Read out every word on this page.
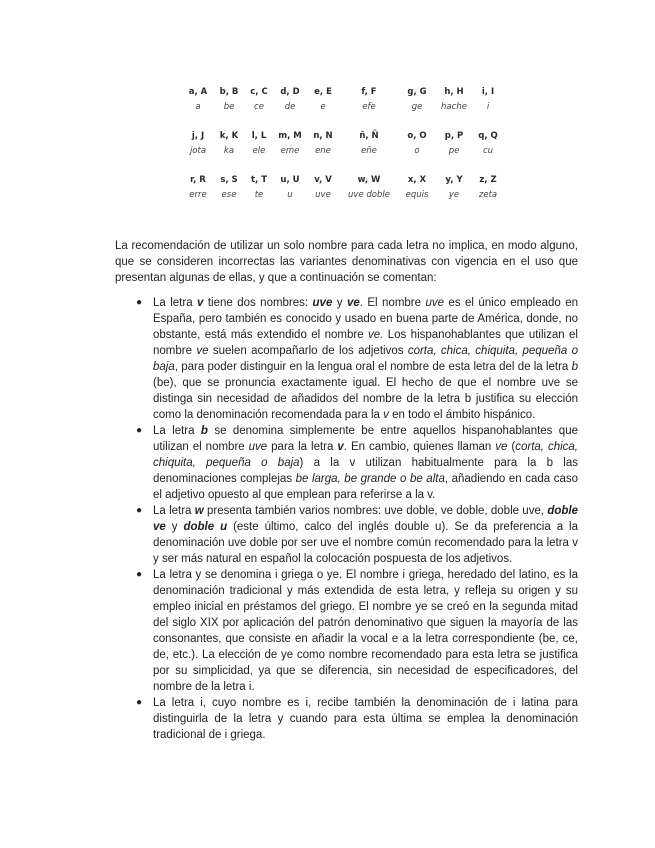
a, A	b, B	c, C	d, D	e, E	f, F	g, G	h, H	i, I
a	be	ce	de	e	efe	ge	hache	i
j, J	k, K	l, L	m, M	n, N	ñ, Ñ	o, O	p, P	q, Q
jota	ka	ele	eme	ene	eñe	o	pe	cu
r, R	s, S	t, T	u, U	v, V	w, W	x, X	y, Y	z, Z
erre	ese	te	u	uve	uve doble	equis	ye	zeta

La recomendación de utilizar un solo nombre para cada letra no implica, en modo alguno, que se consideren incorrectas las variantes denominativas con vigencia en el uso que presentan algunas de ellas, y que a continuación se comentan:

● La letra v tiene dos nombres: uve y ve. El nombre uve es el único empleado en España, pero también es conocido y usado en buena parte de América, donde, no obstante, está más extendido el nombre ve. Los hispanohablantes que utilizan el nombre ve suelen acompañarlo de los adjetivos corta, chica, chiquita, pequeña o baja, para poder distinguir en la lengua oral el nombre de esta letra del de la letra b (be), que se pronuncia exactamente igual. El hecho de que el nombre uve se distinga sin necesidad de añadidos del nombre de la letra b justifica su elección como la denominación recomendada para la v en todo el ámbito hispánico.
● La letra b se denomina simplemente be entre aquellos hispanohablantes que utilizan el nombre uve para la letra v. En cambio, quienes llaman ve (corta, chica, chiquita, pequeña o baja) a la v utilizan habitualmente para la b las denominaciones complejas be larga, be grande o be alta, añadiendo en cada caso el adjetivo opuesto al que emplean para referirse a la v.
● La letra w presenta también varios nombres: uve doble, ve doble, doble uve, doble ve y doble u (este último, calco del inglés double u). Se da preferencia a la denominación uve doble por ser uve el nombre común recomendado para la letra v y ser más natural en español la colocación pospuesta de los adjetivos.
● La letra y se denomina i griega o ye. El nombre i griega, heredado del latino, es la denominación tradicional y más extendida de esta letra, y refleja su origen y su empleo inicial en préstamos del griego. El nombre ye se creó en la segunda mitad del siglo XIX por aplicación del patrón denominativo que siguen la mayoría de las consonantes, que consiste en añadir la vocal e a la letra correspondiente (be, ce, de, etc.). La elección de ye como nombre recomendado para esta letra se justifica por su simplicidad, ya que se diferencia, sin necesidad de especificadores, del nombre de la letra i.
● La letra i, cuyo nombre es i, recibe también la denominación de i latina para distinguirla de la letra y cuando para esta última se emplea la denominación tradicional de i griega.
